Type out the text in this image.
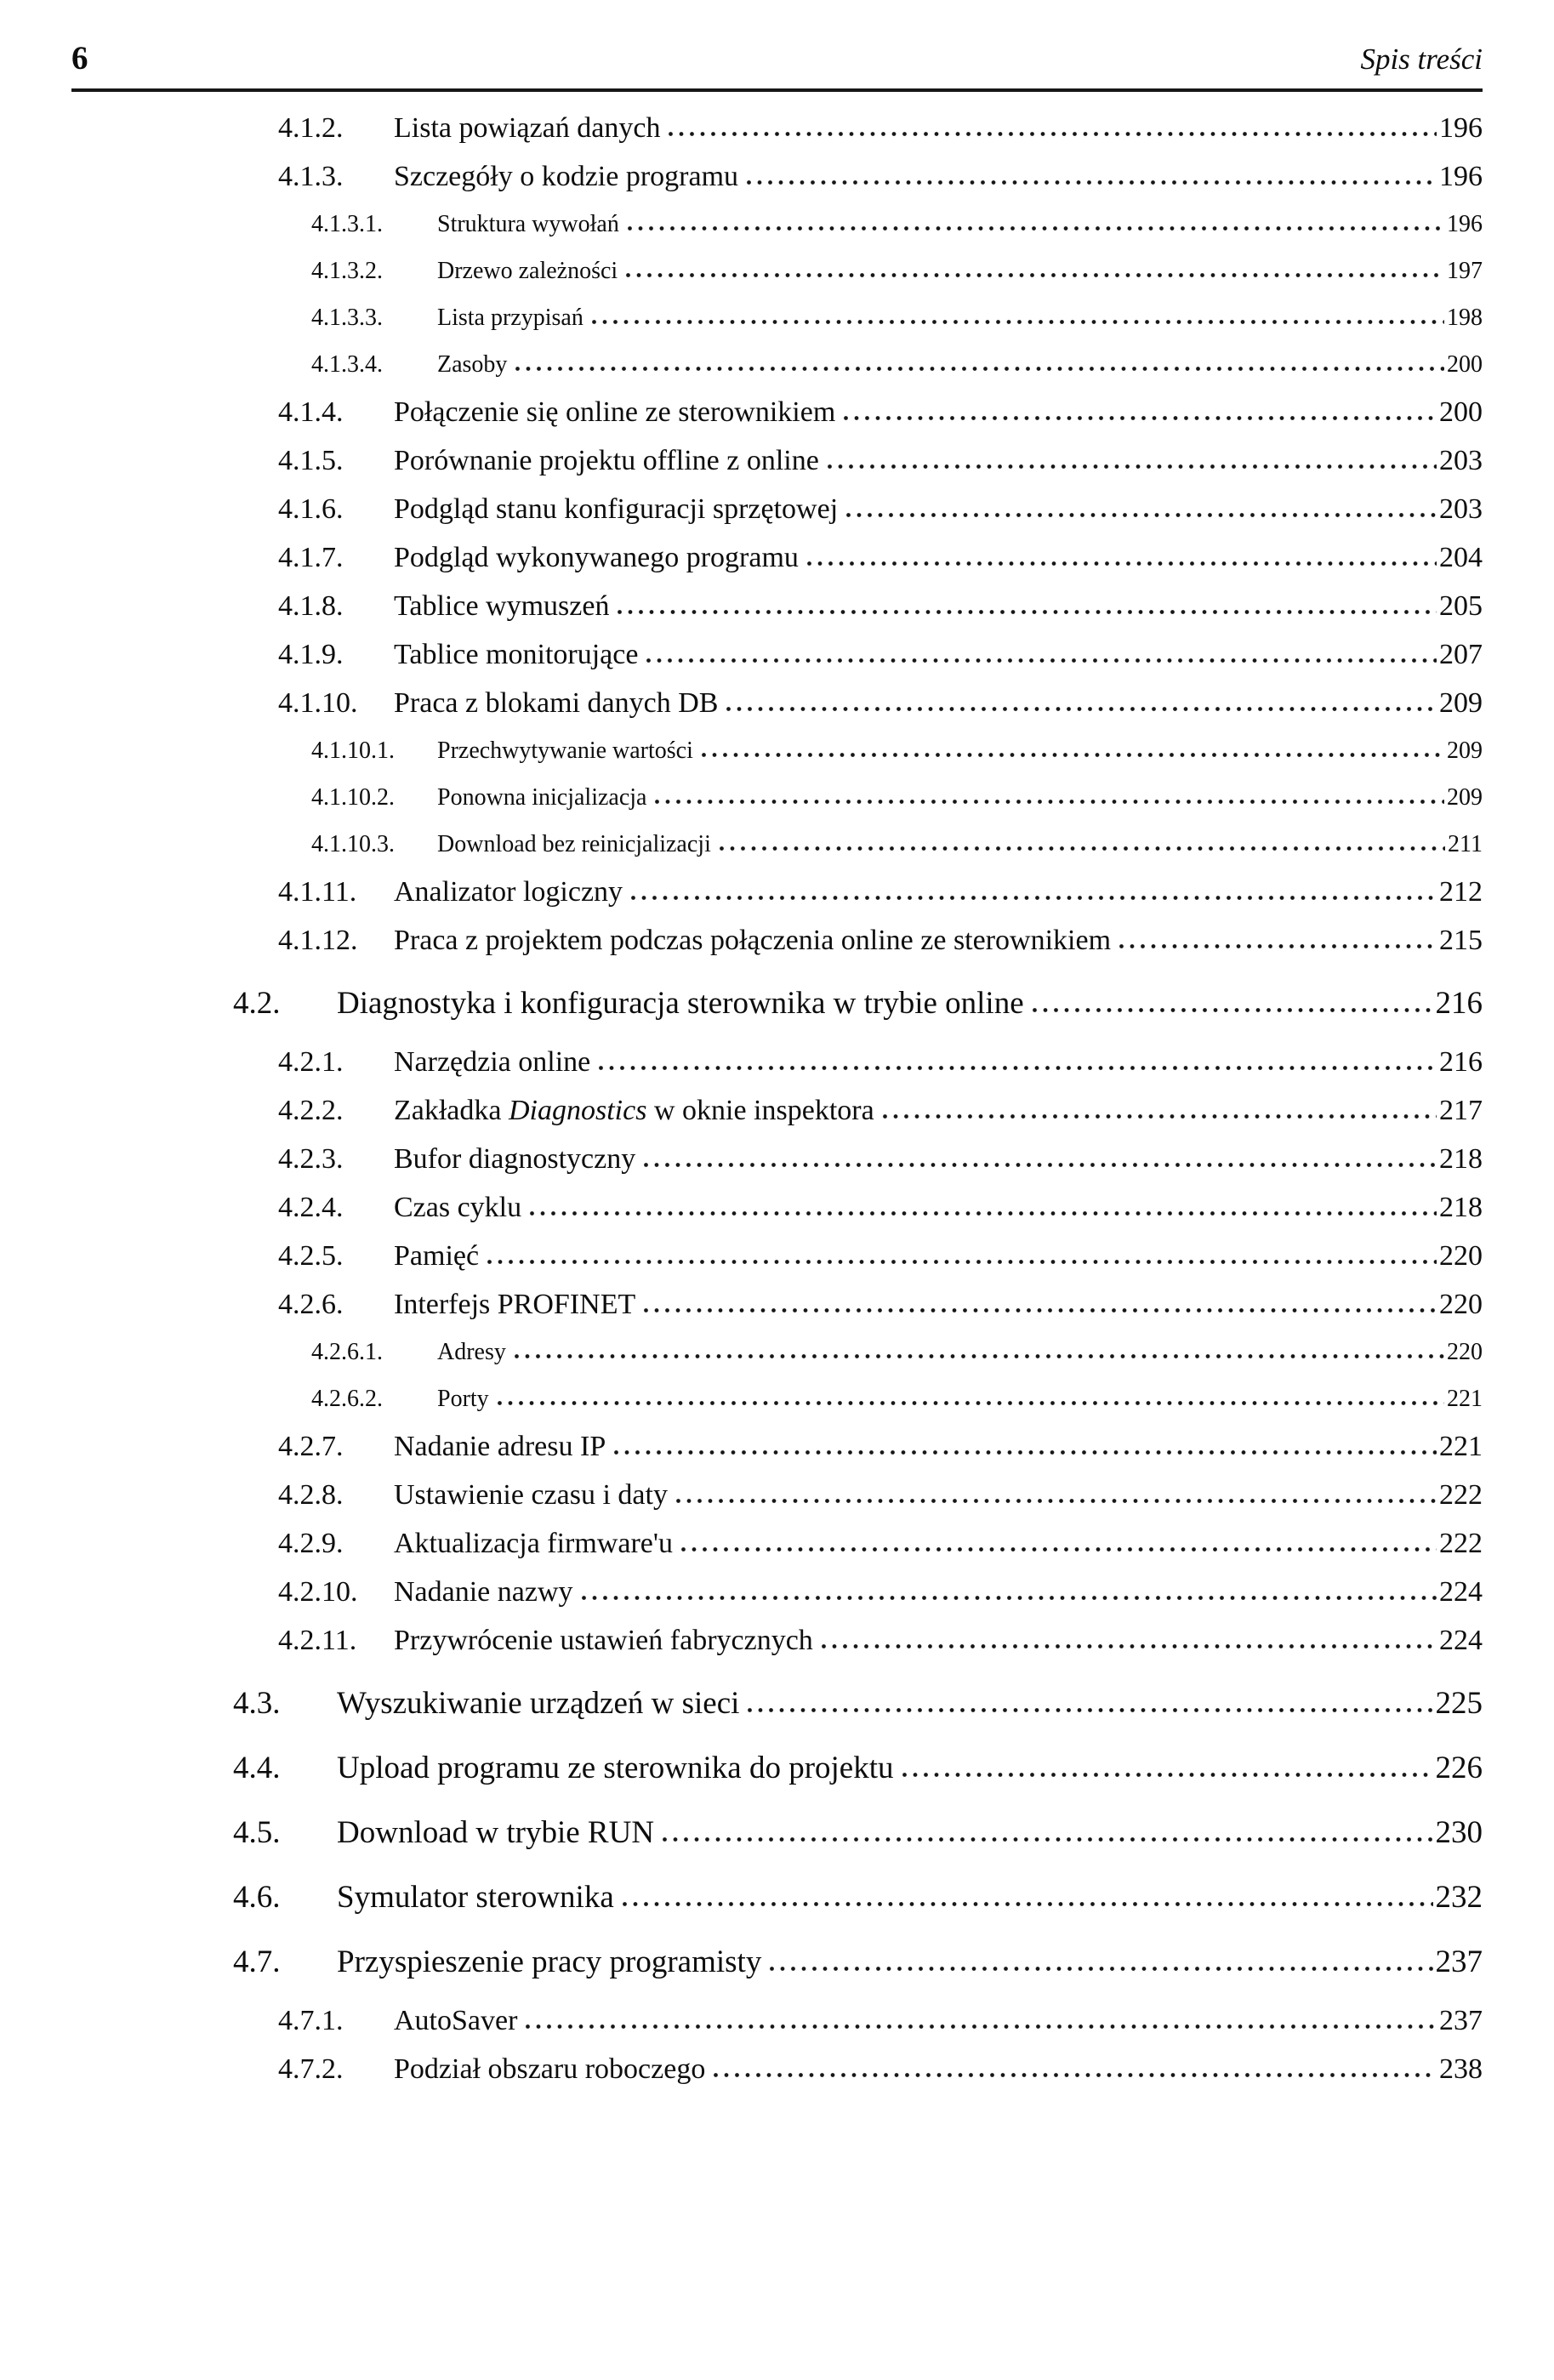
6	Spis treści
4.1.2.	Lista powiązań danych	196
4.1.3.	Szczegóły o kodzie programu	196
4.1.3.1.	Struktura wywołań	196
4.1.3.2.	Drzewo zależności	197
4.1.3.3.	Lista przypisań	198
4.1.3.4.	Zasoby	200
4.1.4.	Połączenie się online ze sterownikiem	200
4.1.5.	Porównanie projektu offline z online	203
4.1.6.	Podgląd stanu konfiguracji sprzętowej	203
4.1.7.	Podgląd wykonywanego programu	204
4.1.8.	Tablice wymuszeń	205
4.1.9.	Tablice monitorujące	207
4.1.10.	Praca z blokami danych DB	209
4.1.10.1.	Przechwytywanie wartości	209
4.1.10.2.	Ponowna inicjalizacja	209
4.1.10.3.	Download bez reinicjalizacji	211
4.1.11.	Analizator logiczny	212
4.1.12.	Praca z projektem podczas połączenia online ze sterownikiem	215
4.2.	Diagnostyka i konfiguracja sterownika w trybie online	216
4.2.1.	Narzędzia online	216
4.2.2.	Zakładka Diagnostics w oknie inspektora	217
4.2.3.	Bufor diagnostyczny	218
4.2.4.	Czas cyklu	218
4.2.5.	Pamięć	220
4.2.6.	Interfejs PROFINET	220
4.2.6.1.	Adresy	220
4.2.6.2.	Porty	221
4.2.7.	Nadanie adresu IP	221
4.2.8.	Ustawienie czasu i daty	222
4.2.9.	Aktualizacja firmware'u	222
4.2.10.	Nadanie nazwy	224
4.2.11.	Przywrócenie ustawień fabrycznych	224
4.3.	Wyszukiwanie urządzeń w sieci	225
4.4.	Upload programu ze sterownika do projektu	226
4.5.	Download w trybie RUN	230
4.6.	Symulator sterownika	232
4.7.	Przyspieszenie pracy programisty	237
4.7.1.	AutoSaver	237
4.7.2.	Podział obszaru roboczego	238
